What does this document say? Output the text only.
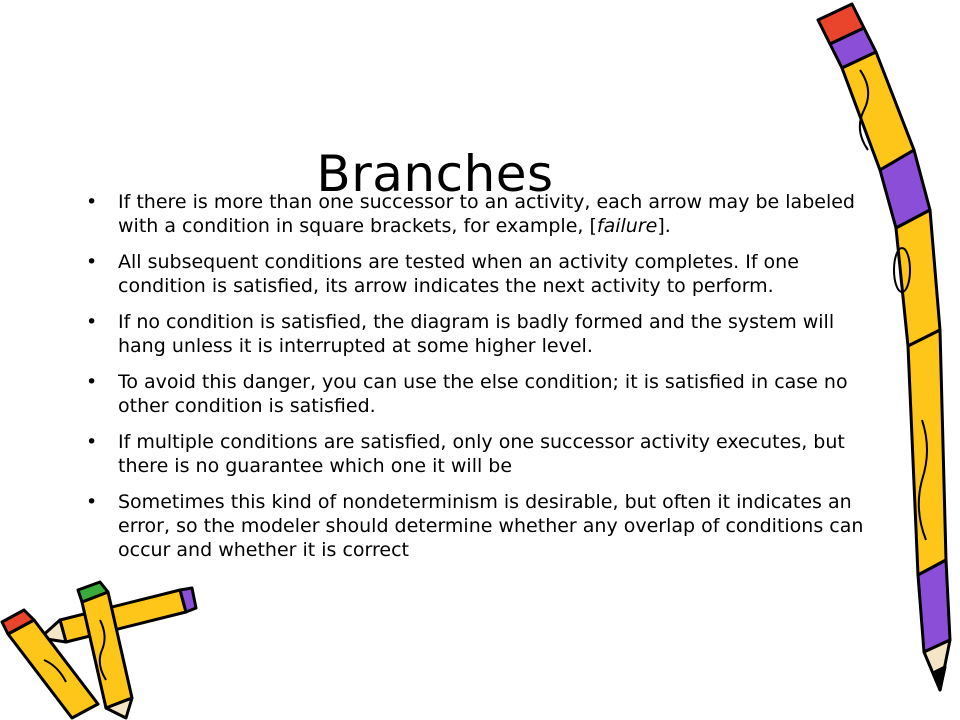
Branches
• If there is more than one successor to an activity, each arrow may be labeled with a condition in square brackets, for example, [failure].
• All subsequent conditions are tested when an activity completes. If one condition is satisfied, its arrow indicates the next activity to perform.
• If no condition is satisfied, the diagram is badly formed and the system will hang unless it is interrupted at some higher level.
• To avoid this danger, you can use the else condition; it is satisfied in case no other condition is satisfied.
• If multiple conditions are satisfied, only one successor activity executes, but there is no guarantee which one it will be
• Sometimes this kind of nondeterminism is desirable, but often it indicates an error, so the modeler should determine whether any overlap of conditions can occur and whether it is correct
